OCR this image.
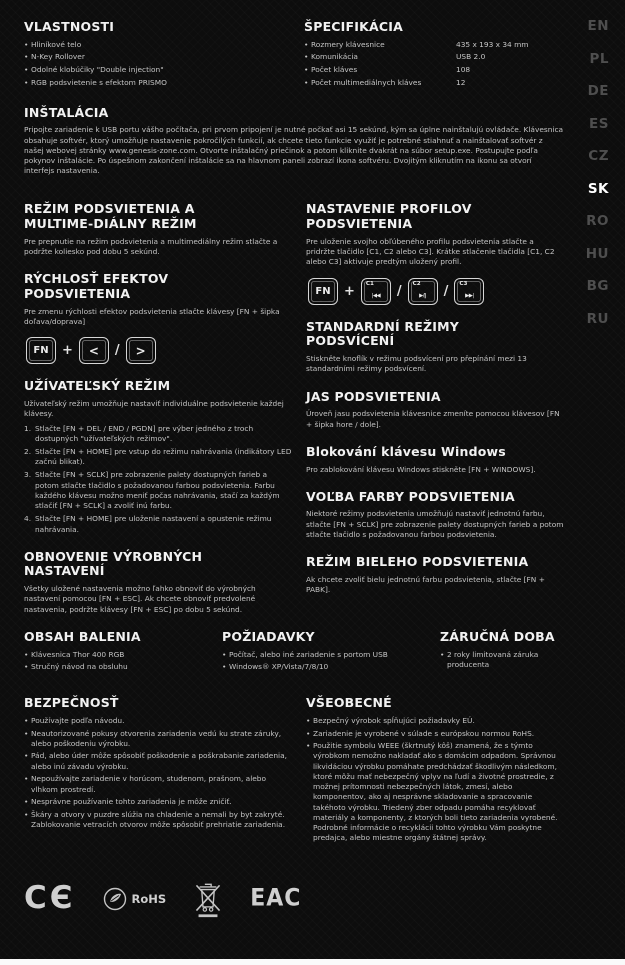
EN
PL
DE
ES
CZ
SK
RO
HU
BG
RU
VLASTNOSTI
• Hliníkové telo
• N-Key Rollover
• Odolné klobúčiky "Double injection"
• RGB podsvietenie s efektom PRISMO
ŠPECIFIKÁCIA
• Rozmery klávesnice	435 x 193 x 34 mm
• Komunikácia	USB 2.0
• Počet kláves	108
• Počet multimediálnych kláves	12
INŠTALÁCIA

Pripojte zariadenie k USB portu vášho počítača, pri prvom pripojení je nutné počkať asi 15 sekúnd, kým sa úplne nainštalujú ovládače. Klávesnica obsahuje softvér, ktorý umožňuje nastavenie pokročilých funkcií, ak chcete tieto funkcie využiť je potrebné stiahnuť a nainštalovať softvér z našej webovej stránky www.genesis-zone.com. Otvorte inštalačný priečinok a potom kliknite dvakrát na súbor setup.exe. Postupujte podľa pokynov inštalácie. Po úspešnom zakončení inštalácie sa na hlavnom paneli zobrazí ikona softvéru. Dvojitým kliknutím na ikonu sa otvorí interfejs nastavenia.

REŽIM PODSVIETENIA A MULTIME-DIÁLNY REŽIM

Pre prepnutie na režim podsvietenia a multimediálny režim stlačte a podržte koliesko pod dobu 5 sekúnd.

RÝCHLOSŤ EFEKTOV PODSVIETENIA

Pre zmenu rýchlosti efektov podsvietenia stlačte klávesy [FN + šipka doľava/doprava]

FN	+	<	/	>
UŽÍVATEĽSKÝ REŽIM

Užívateľský režim umožňuje nastaviť individuálne podsvietenie každej klávesy.

Stlačte [FN + DEL / END / PGDN] pre výber jedného z troch dostupných "užívateľských režimov".
Stlačte [FN + HOME] pre vstup do režimu nahrávania (indikátory LED začnú blikat).
Stlačte [FN + SCLK] pre zobrazenie palety dostupných farieb a potom stlačte tlačidlo s požadovanou farbou podsvietenia. Farbu každého klávesu možno meniť počas nahrávania, stačí za každým stlačiť [FN + SCLK] a zvoliť inú farbu.
Stlačte [FN + HOME] pre uloženie nastavení a opustenie režimu nahrávania.
OBNOVENIE VÝROBNÝCH NASTAVENÍ

Všetky uložené nastavenia možno ľahko obnoviť do výrobných nastavení pomocou [FN + ESC]. Ak chcete obnoviť predvolené nastavenia, podržte klávesy [FN + ESC] po dobu 5 sekúnd.

NASTAVENIE PROFILOV PODSVIETENIA

Pre uloženie svojho obľúbeného profilu podsvietenia stlačte a pridržte tlačidlo [C1, C2 alebo C3]. Krátke stlačenie tlačidla [C1, C2 alebo C3] aktivuje predtým uložený profil.

FN	+ C1
|◀◀	/ C2
▶/‖	/ C3
▶▶|
STANDARDNÍ REŽIMY PODSVÍCENÍ

Stiskněte knoflík v režimu podsvícení pro přepínání mezi 13 standardními režimy podsvícení.

JAS PODSVIETENIA

Úroveň jasu podsvietenia klávesnice zmeníte pomocou klávesov [FN + šipka hore / dole].

Blokování klávesu Windows

Pro zablokování klávesu Windows stiskněte [FN + WINDOWS].

VOĽBA FARBY PODSVIETENIA

Niektoré režimy podsvietenia umožňujú nastaviť jednotnú farbu, stlačte [FN + SCLK] pre zobrazenie palety dostupných farieb a potom stlačte tlačidlo s požadovanou farbou podsvietenia.

REŽIM BIELEHO PODSVIETENIA

Ak chcete zvoliť bielu jednotnú farbu podsvietenia, stlačte [FN + PABK].

OBSAH BALENIA
• Klávesnica Thor 400 RGB
• Stručný návod na obsluhu
POŽIADAVKY
• Počítač, alebo iné zariadenie s portom USB
• Windows® XP/Vista/7/8/10
ZÁRUČNÁ DOBA
• 2 roky limitovaná záruka producenta
BEZPEČNOSŤ
• Používajte podľa návodu.
• Neautorizované pokusy otvorenia zariadenia vedú ku strate záruky, alebo poškodeniu výrobku.
• Pád, alebo úder môže spôsobiť poškodenie a poškrabanie zariadenia, alebo inú závadu výrobku.
• Nepoužívajte zariadenie v horúcom, studenom, prašnom, alebo vlhkom prostredí.
• Nesprávne používanie tohto zariadenia je môže zničiť.
• Škáry a otvory v puzdre slúžia na chladenie a nemali by byt zakryté. Zablokovanie vetracích otvorov môže spôsobiť prehriatie zariadenia.
VŠEOBECNÉ
• Bezpečný výrobok spĺňujúci požiadavky EÚ.
• Zariadenie je vyrobené v súlade s európskou normou RoHS.
• Použitie symbolu WEEE (škrtnutý kôš) znamená, že s týmto výrobkom nemožno nakladať ako s domácim odpadom. Správnou likvidáciou výrobku pomáhate predchádzať škodlivým následkom, ktoré môžu mať nebezpečný vplyv na ľudí a životné prostredie, z možnej prítomnosti nebezpečných látok, zmesí, alebo komponentov, ako aj nesprávne skladovanie a spracovanie takéhoto výrobku. Triedený zber odpadu pomáha recyklovať materiály a komponenty, z ktorých boli tieto zariadenia vyrobené. Podrobné informácie o recyklácii tohto výrobku Vám poskytne predajca, alebo miestne orgány štátnej správy.
CЄ	RoHS	EAC
